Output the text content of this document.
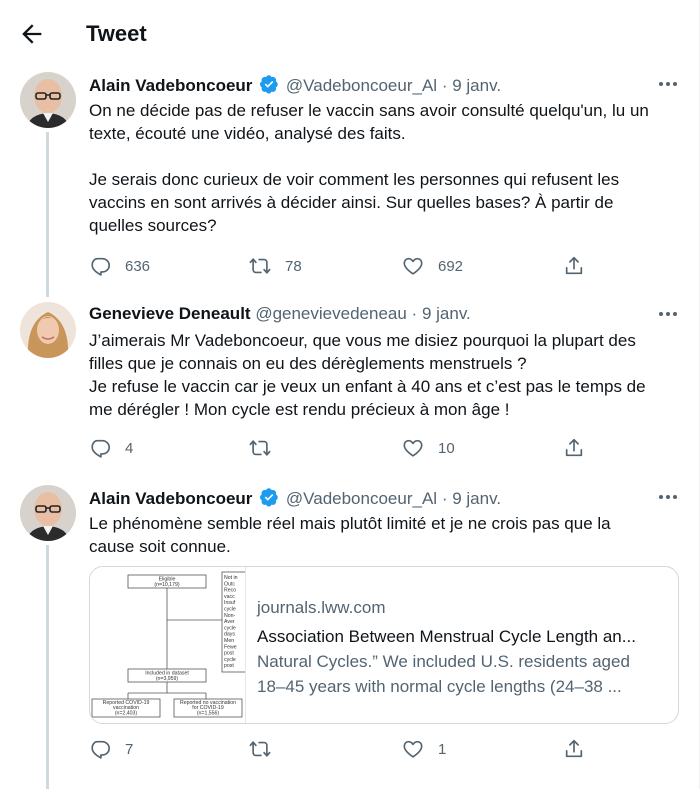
Tweet
Alain Vadeboncoeur @Vadeboncoeur_Al · 9 janv.
On ne décide pas de refuser le vaccin sans avoir consulté quelqu'un, lu un
texte, écouté une vidéo, analysé des faits.

Je serais donc curieux de voir comment les personnes qui refusent les
vaccins en sont arrivés à décider ainsi. Sur quelles bases? À partir de
quelles sources?
636	78	692
Genevieve Deneault @genevievedeneau · 9 janv.
J’aimerais Mr Vadeboncoeur, que vous me disiez pourquoi la plupart des
filles que je connais on eu des dérèglements menstruels ?
Je refuse le vaccin car je veux un enfant à 40 ans et c’est pas le temps de
me dérégler ! Mon cycle est rendu précieux à mon âge !
4	10
Alain Vadeboncoeur @Vadeboncoeur_Al · 9 janv.
Le phénomène semble réel mais plutôt limité et je ne crois pas que la
cause soit connue.
7	1
Eligible
(n=10,179)
Not in
Outc
Reco
vacc
Insuf
cycle
Non-
Aver
cycle
days
Men
Fewe
post
cycle
post
Included in dataset
(n=3,959)
Reported COVID-19
vaccination
(n=2,403)
Reported no vaccination
for COVID-19
(n=1,556)
journals.lww.com
Association Between Menstrual Cycle Length an...
Natural Cycles.” We included U.S. residents aged
18–45 years with normal cycle lengths (24–38 ...
